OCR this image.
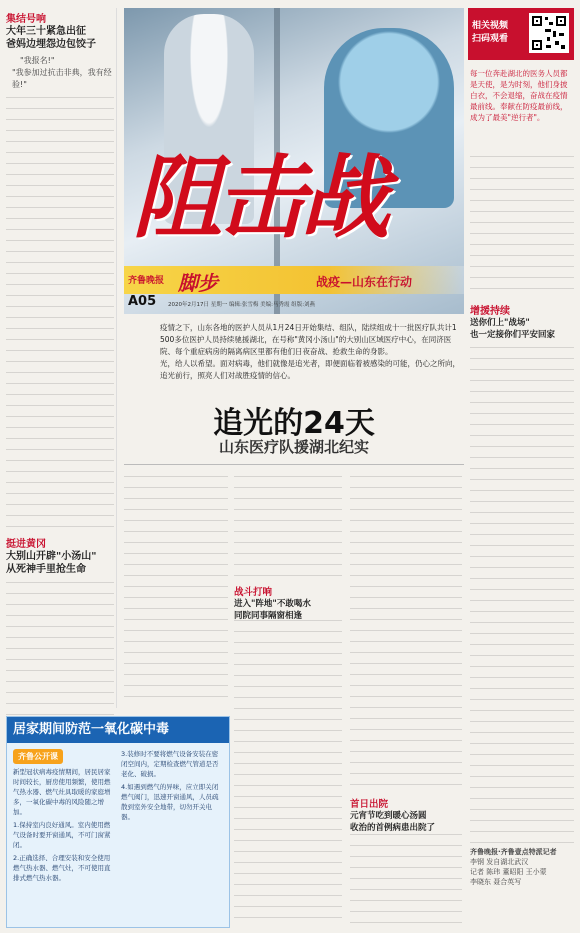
集结号响
大年三十紧急出征
爸妈边埋怨边包饺子
"我报名!"
"我参加过抗击非典，我有经验!"
挺进黄冈
大别山开辟"小汤山"
从死神手里抢生命
阻击战
齐鲁晚报 脚步	战疫—山东在行动
A05 2020年2月17日 星期一 编辑:张雪梅 美编:马秀霞 组版:刘燕
相关视频
扫码观看
每一位奔赴湖北的医务人员都是天使，是为时刻，他们身披白衣，不会退缩，奋战在疫情最前线。奉献在防疫最前线，成为了最美"逆行者"。
增援持续
送你们上"战场"
也一定接你们平安回家
齐鲁晚报·齐鲁壹点特派记者
李钢 发自湖北武汉
记者 陈玮 董昭阳 王小蒙
李晓东 聂合英写
疫情之下，山东各地的医护人员从1月24日开始集结、组队，陆续组成十一批医疗队共计1500多位医护人员持续驰援湖北，在号称"黄冈小汤山"的大别山区域医疗中心，在同济医院、每个重症病房的隔离病区里都有他们日夜奋战、抢救生命的身影。
光，给人以希望。面对病毒，他们就像是追光者，即便面临着被感染的可能，仍心之所向，追光前行，照亮人们对战胜疫情的信心。
追光的24天
山东医疗队援湖北纪实
战斗打响
进入"阵地"不敢喝水
同院同事隔窗相逢
首日出院
元宵节吃到暖心汤圆
收治的首例病患出院了
居家期间防范一氧化碳中毒
齐鲁公开课
新型冠状病毒疫情期间，居民居家时间较长，厨房使用频繁，使用燃气热水器、燃气灶具取暖的家庭增多，一氧化碳中毒的风险随之增加。
1.保持室内良好通风。室内使用燃气设备时要开窗通风，不可门窗紧闭。
2.正确选择、合理安装和安全使用燃气热水器、燃气灶，不可使用直排式燃气热水器。
3.装修时不要将燃气设备安装在密闭空间内，定期检查燃气管道是否老化、破损。
4.如遇到燃气的异味，应立即关闭燃气阀门，迅速开窗通风，人员疏散到室外安全地带，切勿开关电器。
